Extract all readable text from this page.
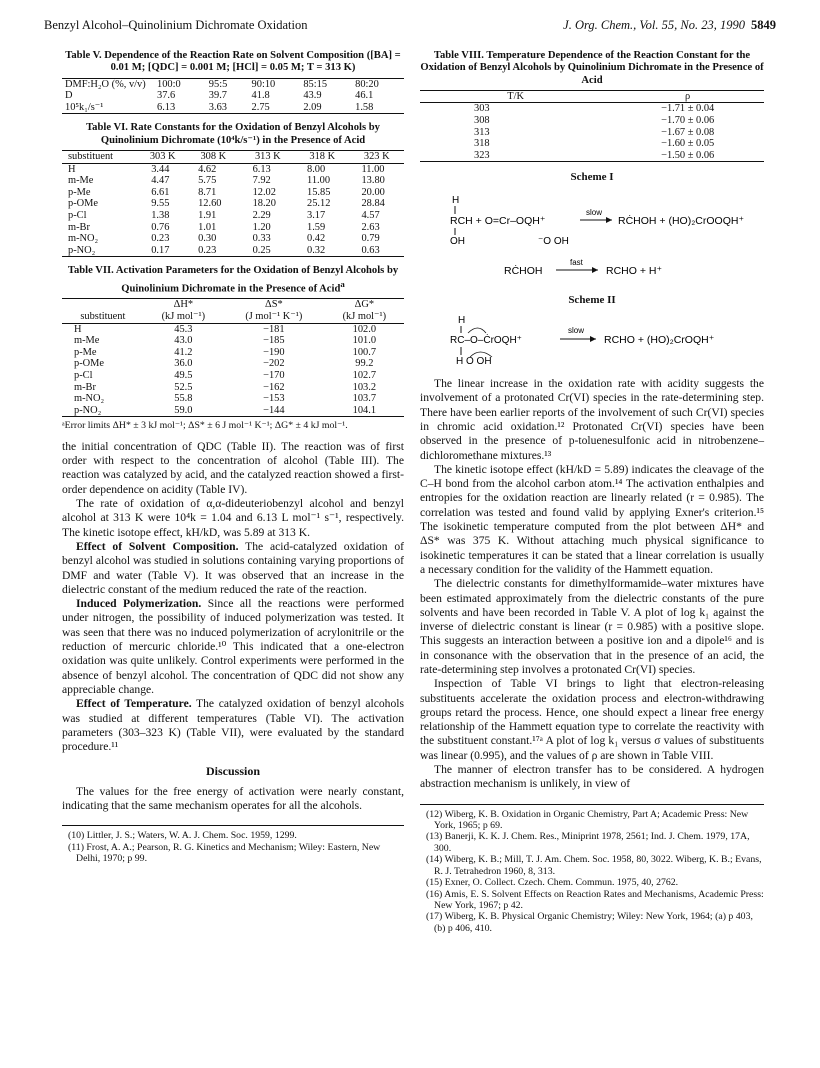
Benzyl Alcohol–Quinolinium Dichromate Oxidation	J. Org. Chem., Vol. 55, No. 23, 1990 5849
Table V. Dependence of the Reaction Rate on Solvent Composition ([BA] = 0.01 M; [QDC] = 0.001 M; [HCl] = 0.05 M; T = 313 K)
DMF:H₂O (%, v/v)	100:0	95:5	90:10	85:15	80:20
D	37.6	39.7	41.8	43.9	46.1
10⁵k₁/s⁻¹	6.13	3.63	2.75	2.09	1.58
Table VI. Rate Constants for the Oxidation of Benzyl Alcohols by Quinolinium Dichromate (10⁴k/s⁻¹) in the Presence of Acid
substituent	303 K	308 K	313 K	318 K	323 K
H	3.44	4.62	6.13	8.00	11.00
m-Me	4.47	5.75	7.92	11.00	13.80
p-Me	6.61	8.71	12.02	15.85	20.00
p-OMe	9.55	12.60	18.20	25.12	28.84
p-Cl	1.38	1.91	2.29	3.17	4.57
m-Br	0.76	1.01	1.20	1.59	2.63
m-NO₂	0.23	0.30	0.33	0.42	0.79
p-NO₂	0.17	0.23	0.25	0.32	0.63
Table VII. Activation Parameters for the Oxidation of Benzyl Alcohols by Quinolinium Dichromate in the Presence of Acid$^a$
	ΔH*	ΔS*	ΔG*
substituent	(kJ mol⁻¹)	(J mol⁻¹ K⁻¹)	(kJ mol⁻¹)
H	45.3	−181	102.0
m-Me	43.0	−185	101.0
p-Me	41.2	−190	100.7
p-OMe	36.0	−202	99.2
p-Cl	49.5	−170	102.7
m-Br	52.5	−162	103.2
m-NO₂	55.8	−153	103.7
p-NO₂	59.0	−144	104.1
ᵃError limits ΔH* ± 3 kJ mol⁻¹; ΔS* ± 6 J mol⁻¹ K⁻¹; ΔG* ± 4 kJ mol⁻¹.

the initial concentration of QDC (Table II). The reaction was of first order with respect to the concentration of alcohol (Table III). The reaction was catalyzed by acid, and the catalyzed reaction showed a first-order dependence on acidity (Table IV).

The rate of oxidation of α,α-dideuteriobenzyl alcohol and benzyl alcohol at 313 K were 10⁴k = 1.04 and 6.13 L mol⁻¹ s⁻¹, respectively. The kinetic isotope effect, kH/kD, was 5.89 at 313 K.

Effect of Solvent Composition. The acid-catalyzed oxidation of benzyl alcohol was studied in solutions containing varying proportions of DMF and water (Table V). It was observed that an increase in the dielectric constant of the medium reduced the rate of the reaction.

Induced Polymerization. Since all the reactions were performed under nitrogen, the possibility of induced polymerization was tested. It was seen that there was no induced polymerization of acrylonitrile or the reduction of mercuric chloride.¹⁰ This indicated that a one-electron oxidation was quite unlikely. Control experiments were performed in the absence of benzyl alcohol. The concentration of QDC did not show any appreciable change.

Effect of Temperature. The catalyzed oxidation of benzyl alcohols was studied at different temperatures (Table VI). The activation parameters (303–323 K) (Table VII), were evaluated by the standard procedure.¹¹

Discussion

The values for the free energy of activation were nearly constant, indicating that the same mechanism operates for all the alcohols.

(10) Littler, J. S.; Waters, W. A. J. Chem. Soc. 1959, 1299.
(11) Frost, A. A.; Pearson, R. G. Kinetics and Mechanism; Wiley: Eastern, New Delhi, 1970; p 99.
Table VIII. Temperature Dependence of the Reaction Constant for the Oxidation of Benzyl Alcohols by Quinolinium Dichromate in the Presence of Acid
T/K	ρ
303	−1.71 ± 0.04
308	−1.70 ± 0.06
313	−1.67 ± 0.08
318	−1.60 ± 0.05
323	−1.50 ± 0.06
Scheme I
H
RCH + O=Cr–OQH⁺
OH	⁻O OH
slow
RĊHOH + (HO)₂CrOOQH⁺
RĊHOH
fast
RCHO + H⁺
Scheme II
H
RC–O–ĊrOQH⁺
H O OH
slow
RCHO + (HO)₂CrOQH⁺

The linear increase in the oxidation rate with acidity suggests the involvement of a protonated Cr(VI) species in the rate-determining step. There have been earlier reports of the involvement of such Cr(VI) species in chromic acid oxidation.¹² Protonated Cr(VI) species have been observed in the presence of p-toluenesulfonic acid in nitrobenzene–dichloromethane mixtures.¹³

The kinetic isotope effect (kH/kD = 5.89) indicates the cleavage of the C–H bond from the alcohol carbon atom.¹⁴ The activation enthalpies and entropies for the oxidation reaction are linearly related (r = 0.985). The correlation was tested and found valid by applying Exner's criterion.¹⁵ The isokinetic temperature computed from the plot between ΔH* and ΔS* was 375 K. Without attaching much physical significance to isokinetic temperatures it can be stated that a linear correlation is usually a necessary condition for the validity of the Hammett equation.

The dielectric constants for dimethylformamide–water mixtures have been estimated approximately from the dielectric constants of the pure solvents and have been recorded in Table V. A plot of log k₁ against the inverse of dielectric constant is linear (r = 0.985) with a positive slope. This suggests an interaction between a positive ion and a dipole¹⁶ and is in consonance with the observation that in the presence of an acid, the rate-determining step involves a protonated Cr(VI) species.

Inspection of Table VI brings to light that electron-releasing substituents accelerate the oxidation process and electron-withdrawing groups retard the process. Hence, one should expect a linear free energy relationship of the Hammett equation type to correlate the reactivity with the substituent constant.¹⁷ᵃ A plot of log k₁ versus σ values of substituents was linear (0.995), and the values of ρ are shown in Table VIII.

The manner of electron transfer has to be considered. A hydrogen abstraction mechanism is unlikely, in view of

(12) Wiberg, K. B. Oxidation in Organic Chemistry, Part A; Academic Press: New York, 1965; p 69.
(13) Banerji, K. K. J. Chem. Res., Miniprint 1978, 2561; Ind. J. Chem. 1979, 17A, 300.
(14) Wiberg, K. B.; Mill, T. J. Am. Chem. Soc. 1958, 80, 3022. Wiberg, K. B.; Evans, R. J. Tetrahedron 1960, 8, 313.
(15) Exner, O. Collect. Czech. Chem. Commun. 1975, 40, 2762.
(16) Amis, E. S. Solvent Effects on Reaction Rates and Mechanisms, Academic Press: New York, 1967; p 42.
(17) Wiberg, K. B. Physical Organic Chemistry; Wiley: New York, 1964; (a) p 403, (b) p 406, 410.
